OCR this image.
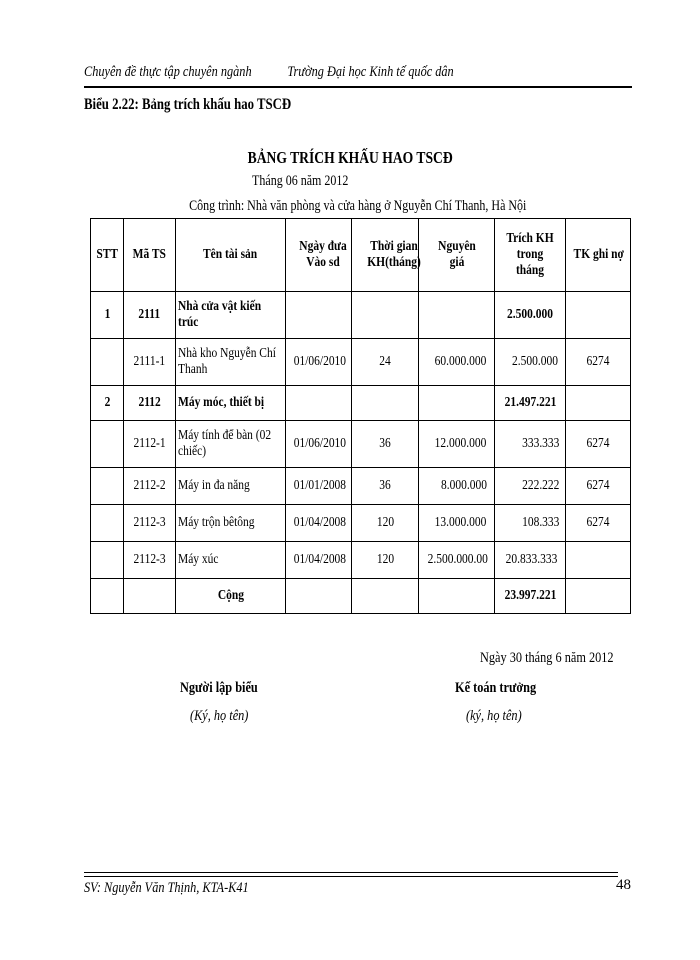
Chuyên đề thực tập chuyên ngành Trường Đại học Kinh tế quốc dân
Biểu 2.22: Bảng trích khấu hao TSCĐ
BẢNG TRÍCH KHẤU HAO TSCĐ
Tháng 06 năm 2012
Công trình: Nhà văn phòng và cửa hàng ở Nguyễn Chí Thanh, Hà Nội
STT	Mã TS	Tên tài sản	Ngày đưa Vào sd	Thời gian KH(tháng)	Nguyên giá	Trích KH trong tháng	TK ghi nợ
1	2111	Nhà cửa vật kiến trúc				2.500.000	
	2111-1	Nhà kho Nguyễn Chí Thanh	01/06/2010	24	60.000.000	2.500.000	6274
2	2112	Máy móc, thiết bị				21.497.221	
	2112-1	Máy tính để bàn (02 chiếc)	01/06/2010	36	12.000.000	333.333	6274
	2112-2	Máy in đa năng	01/01/2008	36	8.000.000	222.222	6274
	2112-3	Máy trộn bêtông	01/04/2008	120	13.000.000	108.333	6274
	2112-3	Máy xúc	01/04/2008	120	2.500.000.00	20.833.333	
		Cộng				23.997.221	
Ngày 30 tháng 6 năm 2012
Người lập biểu	Kế toán trưởng
(Ký, họ tên)	(ký, họ tên)
SV: Nguyễn Văn Thịnh, KTA-K41	48
